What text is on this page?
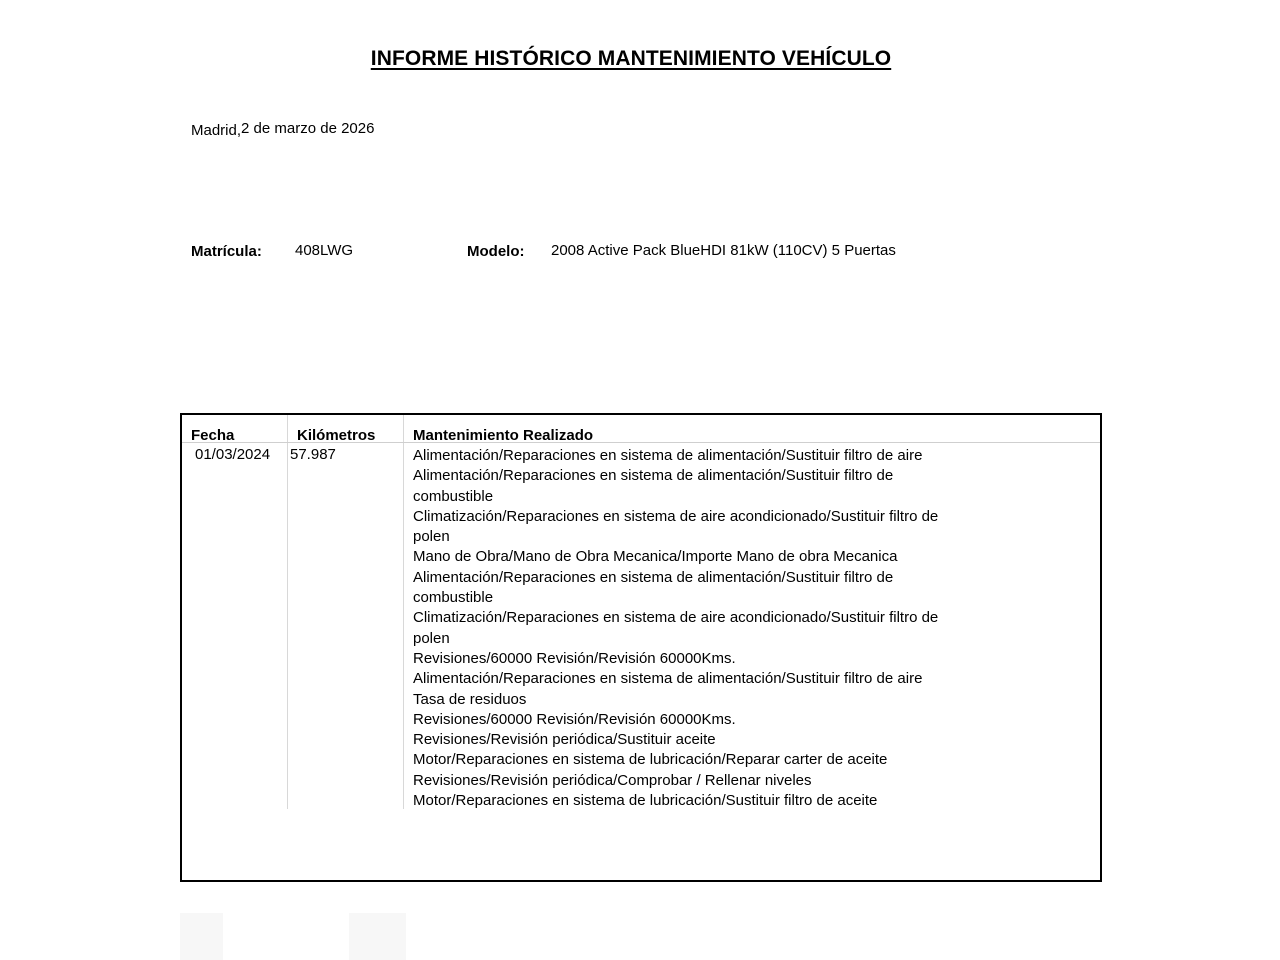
INFORME HISTÓRICO MANTENIMIENTO VEHÍCULO
Madrid,2 de marzo de 2026
Matrícula: 408LWG	Modelo: 2008 Active Pack BlueHDI 81kW (110CV) 5 Puertas
Fecha	Kilómetros	Mantenimiento Realizado
01/03/2024 57.987	Alimentación/Reparaciones en sistema de alimentación/Sustituir filtro de aire
Alimentación/Reparaciones en sistema de alimentación/Sustituir filtro de
combustible
Climatización/Reparaciones en sistema de aire acondicionado/Sustituir filtro de
polen
Mano de Obra/Mano de Obra Mecanica/Importe Mano de obra Mecanica
Alimentación/Reparaciones en sistema de alimentación/Sustituir filtro de
combustible
Climatización/Reparaciones en sistema de aire acondicionado/Sustituir filtro de
polen
Revisiones/60000 Revisión/Revisión 60000Kms.
Alimentación/Reparaciones en sistema de alimentación/Sustituir filtro de aire
Tasa de residuos
Revisiones/60000 Revisión/Revisión 60000Kms.
Revisiones/Revisión periódica/Sustituir aceite
Motor/Reparaciones en sistema de lubricación/Reparar carter de aceite
Revisiones/Revisión periódica/Comprobar / Rellenar niveles
Motor/Reparaciones en sistema de lubricación/Sustituir filtro de aceite
